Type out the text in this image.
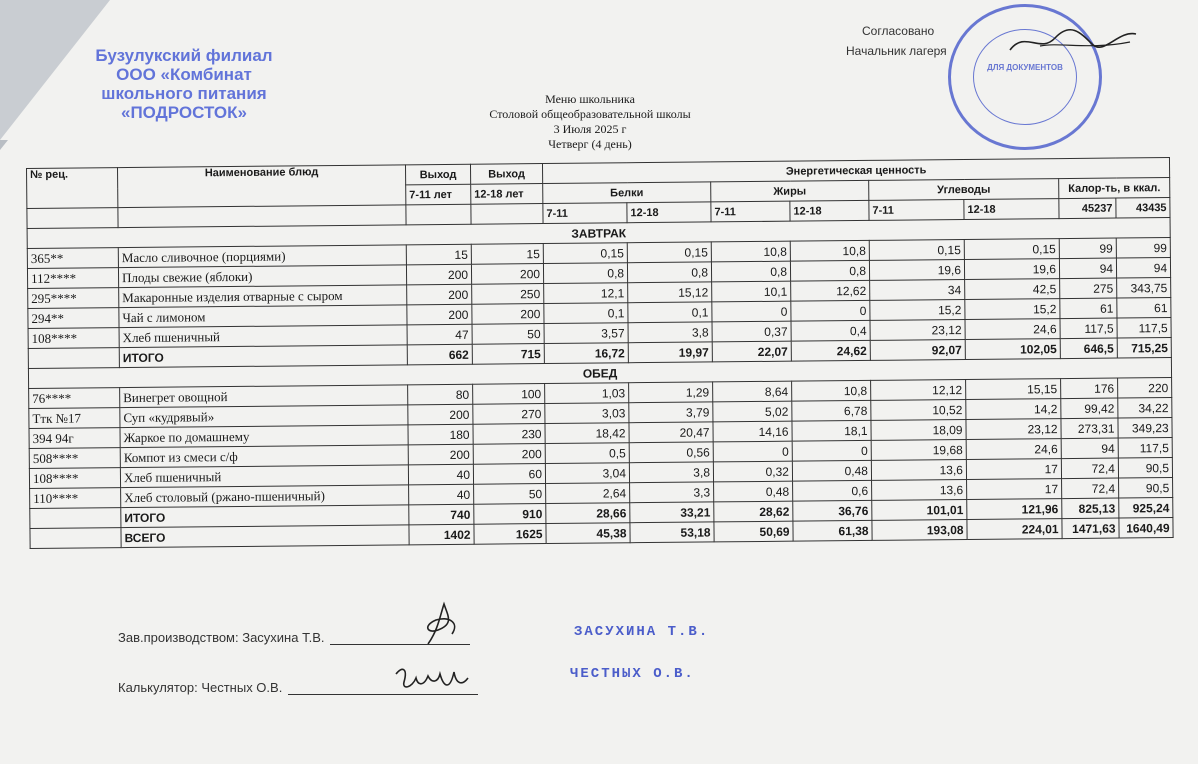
Бузулукский филиал
ООО «Комбинат
школьного питания
«ПОДРОСТОК»
Согласовано
Начальник лагеря
ДЛЯ ДОКУМЕНТОВ
Меню школьника
Столовой общеобразовательной школы
3 Июля 2025 г
Четверг (4 день)
№ рец.	Наименование блюд	Выход	Выход	Энергетическая ценность							
		7-11 лет	12-18 лет	Белки		Жиры		Углеводы		Калор-ть, в ккал.	
				7-11	12-18	7-11	12-18	7-11	12-18	45237	43435
ЗАВТРАК											
365**	Масло сливочное (порциями)	15	15	0,15	0,15	10,8	10,8	0,15	0,15	99	99
112****	Плоды свежие (яблоки)	200	200	0,8	0,8	0,8	0,8	19,6	19,6	94	94
295****	Макаронные изделия отварные с сыром	200	250	12,1	15,12	10,1	12,62	34	42,5	275	343,75
294**	Чай с лимоном	200	200	0,1	0,1	0	0	15,2	15,2	61	61
108****	Хлеб пшеничный	47	50	3,57	3,8	0,37	0,4	23,12	24,6	117,5	117,5
	ИТОГО	662	715	16,72	19,97	22,07	24,62	92,07	102,05	646,5	715,25
ОБЕД											
76****	Винегрет овощной	80	100	1,03	1,29	8,64	10,8	12,12	15,15	176	220
Ттк №17	Суп «кудрявый»	200	270	3,03	3,79	5,02	6,78	10,52	14,2	99,42	34,22
394 94г	Жаркое по домашнему	180	230	18,42	20,47	14,16	18,1	18,09	23,12	273,31	349,23
508****	Компот из смеси с/ф	200	200	0,5	0,56	0	0	19,68	24,6	94	117,5
108****	Хлеб пшеничный	40	60	3,04	3,8	0,32	0,48	13,6	17	72,4	90,5
110****	Хлеб столовый (ржано-пшеничный)	40	50	2,64	3,3	0,48	0,6	13,6	17	72,4	90,5
	ИТОГО	740	910	28,66	33,21	28,62	36,76	101,01	121,96	825,13	925,24
	ВСЕГО	1402	1625	45,38	53,18	50,69	61,38	193,08	224,01	1471,63	1640,49
Зав.производством: Засухина Т.В.
Калькулятор: Честных О.В.
ЗАСУХИНА Т.В.
ЧЕСТНЫХ О.В.
